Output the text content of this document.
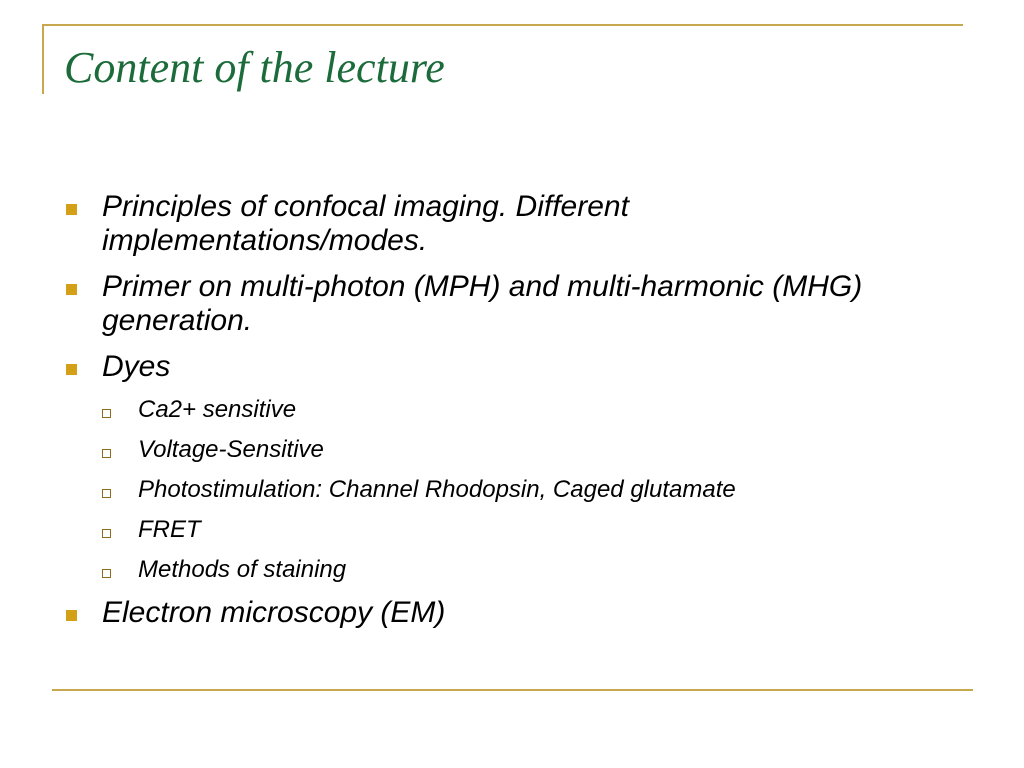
Content of the lecture
Principles of confocal imaging. Different implementations/modes.
Primer on multi-photon (MPH) and multi-harmonic (MHG) generation.
Dyes
Ca2+ sensitive
Voltage-Sensitive
Photostimulation: Channel Rhodopsin, Caged glutamate
FRET
Methods of staining
Electron microscopy (EM)
